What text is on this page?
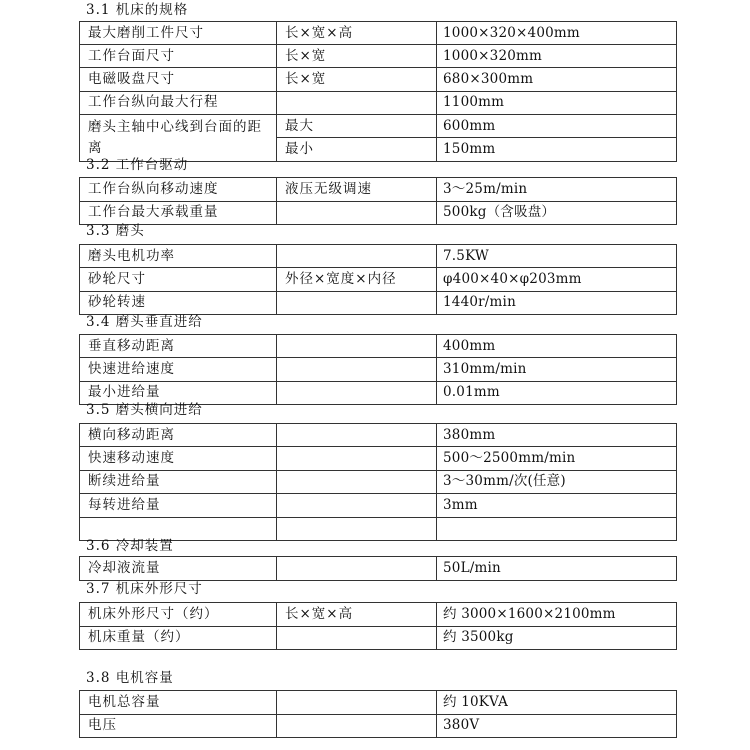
3.1 机床的规格
最大磨削工件尺寸	长×宽×高	1000×320×400mm
工作台面尺寸	长×宽	1000×320mm
电磁吸盘尺寸	长×宽	680×300mm
工作台纵向最大行程		1100mm
磨头主轴中心线到台面的距离	最大	600mm
	最小	150mm
3.2 工作台驱动
工作台纵向移动速度	液压无级调速	3～25m/min
工作台最大承载重量		500kg（含吸盘）
3.3 磨头
磨头电机功率		7.5KW
砂轮尺寸	外径×宽度×内径	φ400×40×φ203mm
砂轮转速		1440r/min
3.4 磨头垂直进给
垂直移动距离		400mm
快速进给速度		310mm/min
最小进给量		0.01mm
3.5 磨头横向进给
横向移动距离		380mm
快速移动速度		500～2500mm/min
断续进给量		3～30mm/次(任意)
每转进给量		3mm

3.6 冷却装置
冷却液流量		50L/min
3.7 机床外形尺寸
机床外形尺寸（约）	长×宽×高	约 3000×1600×2100mm
机床重量（约）		约 3500kg
3.8 电机容量
电机总容量		约 10KVA
电压		380V
